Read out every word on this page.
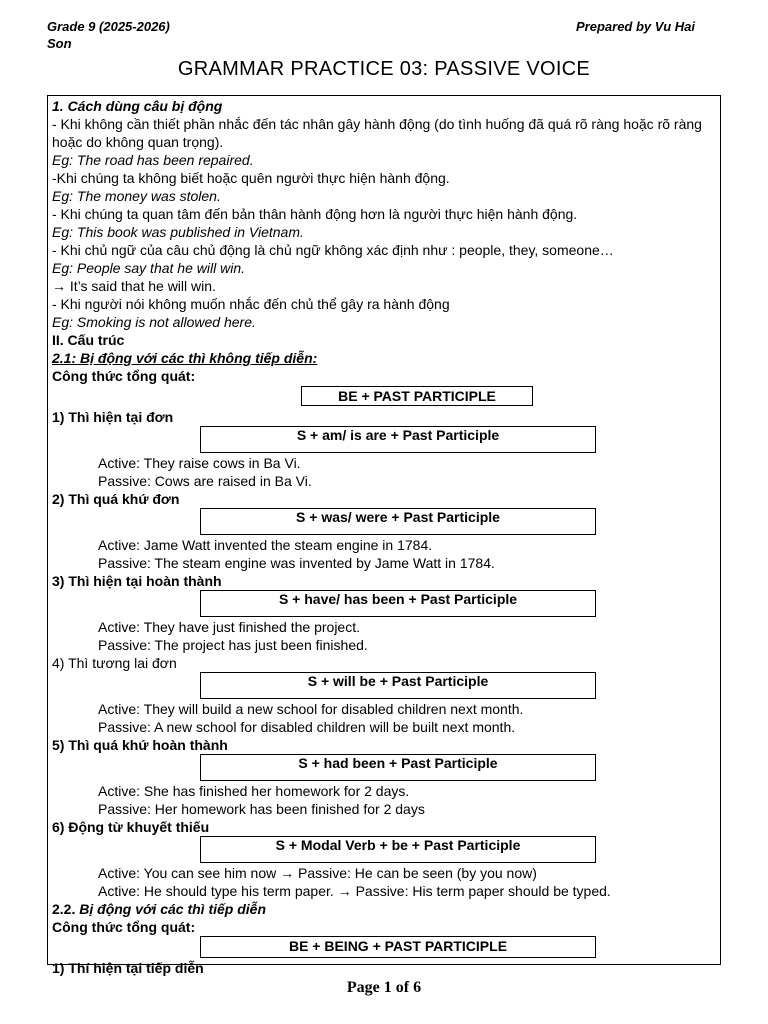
Grade 9 (2025-2026)
Son
Prepared by Vu Hai
GRAMMAR PRACTICE 03: PASSIVE VOICE

1. Cách dùng câu bị động

- Khi không cần thiết phần nhắc đến tác nhân gây hành động (do tình huống đã quá rõ ràng hoặc rõ ràng hoặc do không quan trọng).

Eg: The road has been repaired.

-Khi chúng ta không biết hoặc quên người thực hiện hành động.

Eg: The money was stolen.

- Khi chúng ta quan tâm đến bản thân hành động hơn là người thực hiện hành động.

Eg: This book was published in Vietnam.

- Khi chủ ngữ của câu chủ động là chủ ngữ không xác định như : people, they, someone…

Eg: People say that he will win.

→ It’s said that he will win.

- Khi người nói không muốn nhắc đến chủ thể gây ra hành động

Eg: Smoking is not allowed here.

II. Cấu trúc

2.1: Bị động với các thì không tiếp diễn:

Công thức tổng quát:

BE + PAST PARTICIPLE

1) Thì hiện tại đơn

S + am/ is are + Past Participle

Active: They raise cows in Ba Vi.

Passive: Cows are raised in Ba Vi.

2) Thì quá khứ đơn

S + was/ were + Past Participle

Active: Jame Watt invented the steam engine in 1784.

Passive: The steam engine was invented by Jame Watt in 1784.

3) Thì hiện tại hoàn thành

S + have/ has been + Past Participle

Active: They have just finished the project.

Passive: The project has just been finished.

4) Thì tương lai đơn

S + will be + Past Participle

Active: They will build a new school for disabled children next month.

Passive: A new school for disabled children will be built next month.

5) Thì quá khứ hoàn thành

S + had been + Past Participle

Active: She has finished her homework for 2 days.

Passive: Her homework has been finished for 2 days

6) Động từ khuyết thiếu

S + Modal Verb + be + Past Participle

Active: You can see him now → Passive: He can be seen (by you now)

Active: He should type his term paper. → Passive: His term paper should be typed.

2.2. Bị động với các thì tiếp diễn

Công thức tổng quát:

BE + BEING + PAST PARTICIPLE

1) Thí hiện tại tiếp diễn

Page 1 of 6
